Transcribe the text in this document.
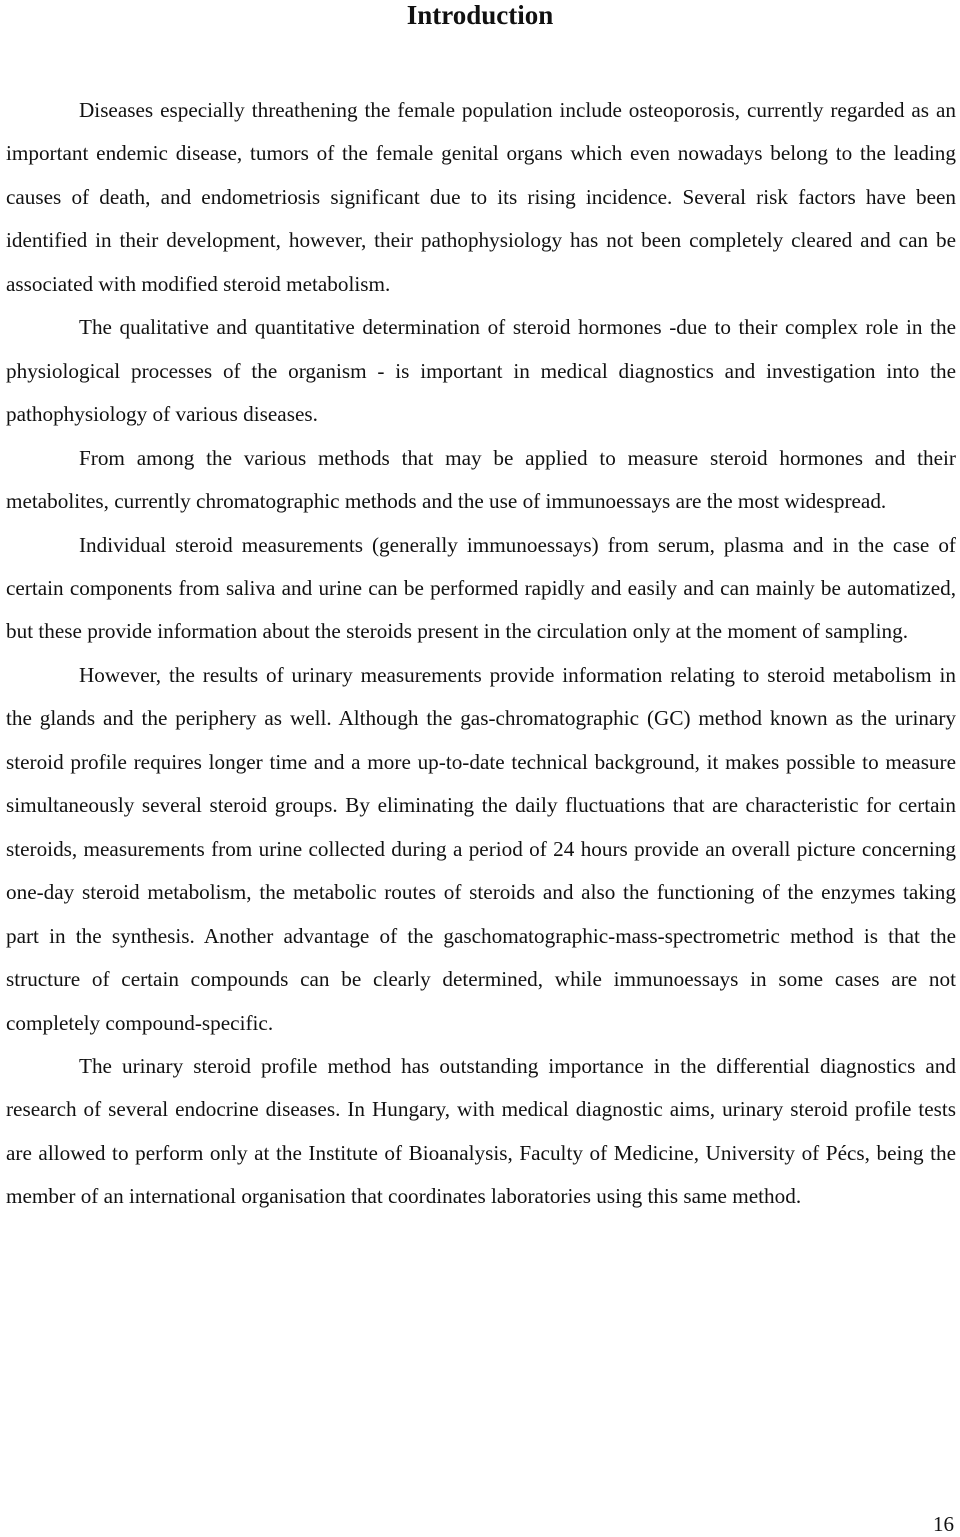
Introduction

Diseases especially threathening the female population include osteoporosis, currently regarded as an important endemic disease, tumors of the female genital organs which even nowadays belong to the leading causes of death, and endometriosis significant due to its rising incidence. Several risk factors have been identified in their development, however, their pathophysiology has not been completely cleared and can be associated with modified steroid metabolism.

The qualitative and quantitative determination of steroid hormones -due to their complex role in the physiological processes of the organism - is important in medical diagnostics and investigation into the pathophysiology of various diseases.

From among the various methods that may be applied to measure steroid hormones and their metabolites, currently chromatographic methods and the use of immunoessays are the most widespread.

Individual steroid measurements (generally immunoessays) from serum, plasma and in the case of certain components from saliva and urine can be performed rapidly and easily and can mainly be automatized, but these provide information about the steroids present in the circulation only at the moment of sampling.

However, the results of urinary measurements provide information relating to steroid metabolism in the glands and the periphery as well. Although the gas-chromatographic (GC) method known as the urinary steroid profile requires longer time and a more up-to-date technical background, it makes possible to measure simultaneously several steroid groups. By eliminating the daily fluctuations that are characteristic for certain steroids, measurements from urine collected during a period of 24 hours provide an overall picture concerning one-day steroid metabolism, the metabolic routes of steroids and also the functioning of the enzymes taking part in the synthesis. Another advantage of the gaschomatographic-mass-spectrometric method is that the structure of certain compounds can be clearly determined, while immunoessays in some cases are not completely compound-specific.

The urinary steroid profile method has outstanding importance in the differential diagnostics and research of several endocrine diseases. In Hungary, with medical diagnostic aims, urinary steroid profile tests are allowed to perform only at the Institute of Bioanalysis, Faculty of Medicine, University of Pécs, being the member of an international organisation that coordinates laboratories using this same method.

16
